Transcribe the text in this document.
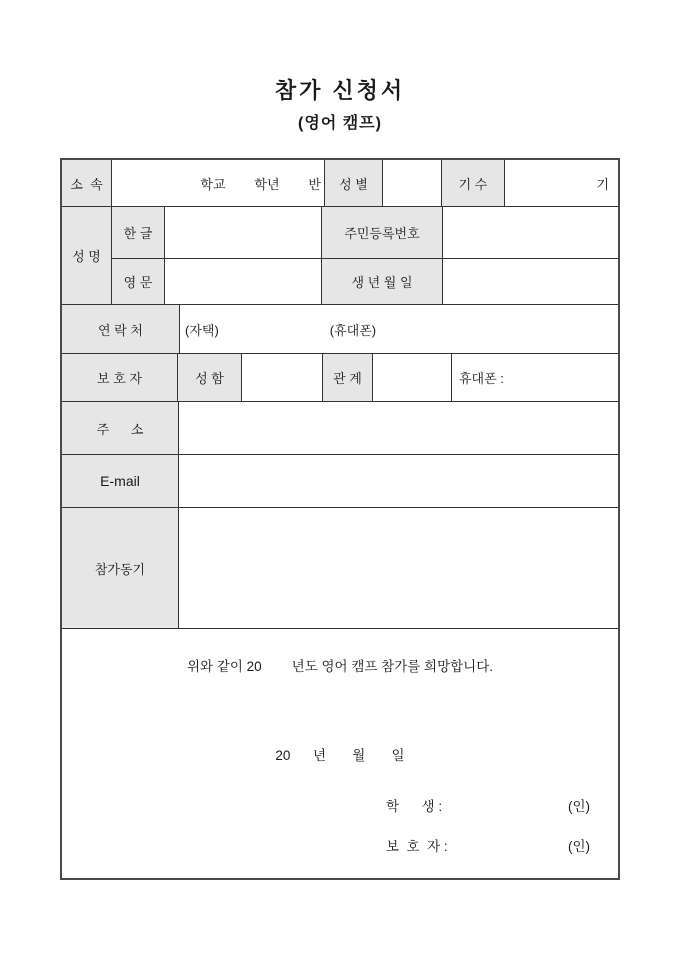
참가 신청서
(영어 캠프)
소  속	학교        학년        반	성 별	기 수	기
성 명
한 글	주민등록번호
영 문	생 년 월 일
연 락 처	(자택)	(휴대폰)
보 호 자	성 함	관 계	휴대폰 :
주      소
E-mail
참가동기
위와 같이 20        년도 영어 캠프 참가를 희망합니다.
20      년       월       일
학      생 :	(인)
보  호  자 :	(인)
